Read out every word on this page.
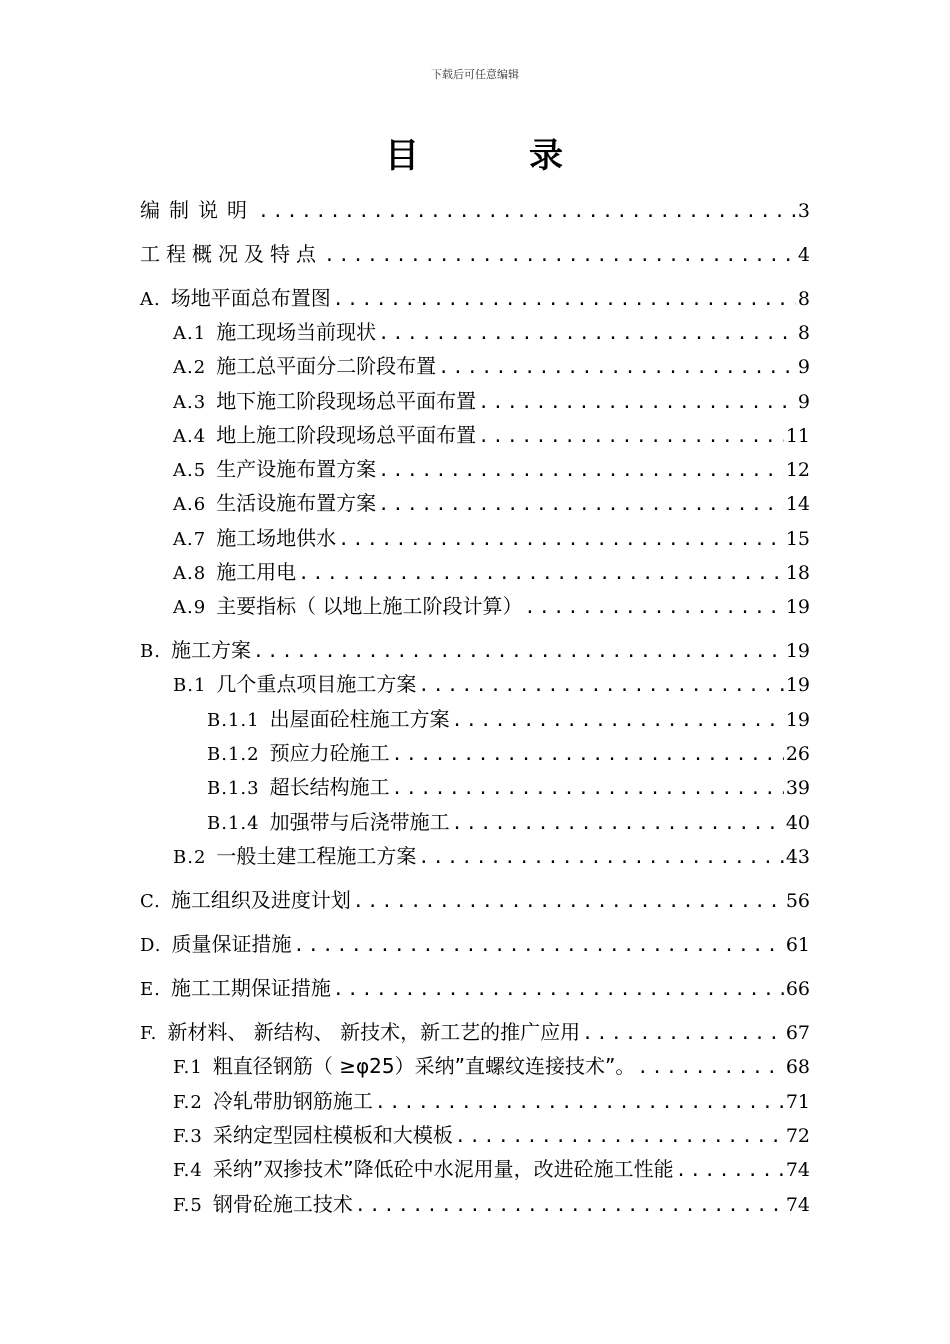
下载后可任意编辑
目	录
编制说明 .....	3
工程概况及特点 .....	4
A. 场地平面总布置图 .....	8
A.1 施工现场当前现状 .....	8
A.2 施工总平面分二阶段布置 .....	9
A.3 地下施工阶段现场总平面布置 .....	9
A.4 地上施工阶段现场总平面布置 .....	11
A.5 生产设施布置方案 .....	12
A.6 生活设施布置方案 .....	14
A.7 施工场地供水 .....	15
A.8 施工用电 .....	18
A.9 主要指标（ 以地上施工阶段计算） .....	19
B. 施工方案 .....	19
B.1 几个重点项目施工方案 .....	19
B.1.1 出屋面砼柱施工方案 .....	19
B.1.2 预应力砼施工 .....	26
B.1.3 超长结构施工 .....	39
B.1.4 加强带与后浇带施工 .....	40
B.2 一般土建工程施工方案 .....	43
C. 施工组织及进度计划 .....	56
D. 质量保证措施 .....	61
E. 施工工期保证措施 .....	66
F. 新材料、 新结构、 新技术，新工艺的推广应用 .....	67
F.1 粗直径钢筋（ ≥φ25）采纳”直螺纹连接技术”。 .....	68
F.2 冷轧带肋钢筋施工 .....	71
F.3 采纳定型园柱模板和大模板 .....	72
F.4 采纳”双掺技术”降低砼中水泥用量，改进砼施工性能 .....	74
F.5 钢骨砼施工技术 .....	74
